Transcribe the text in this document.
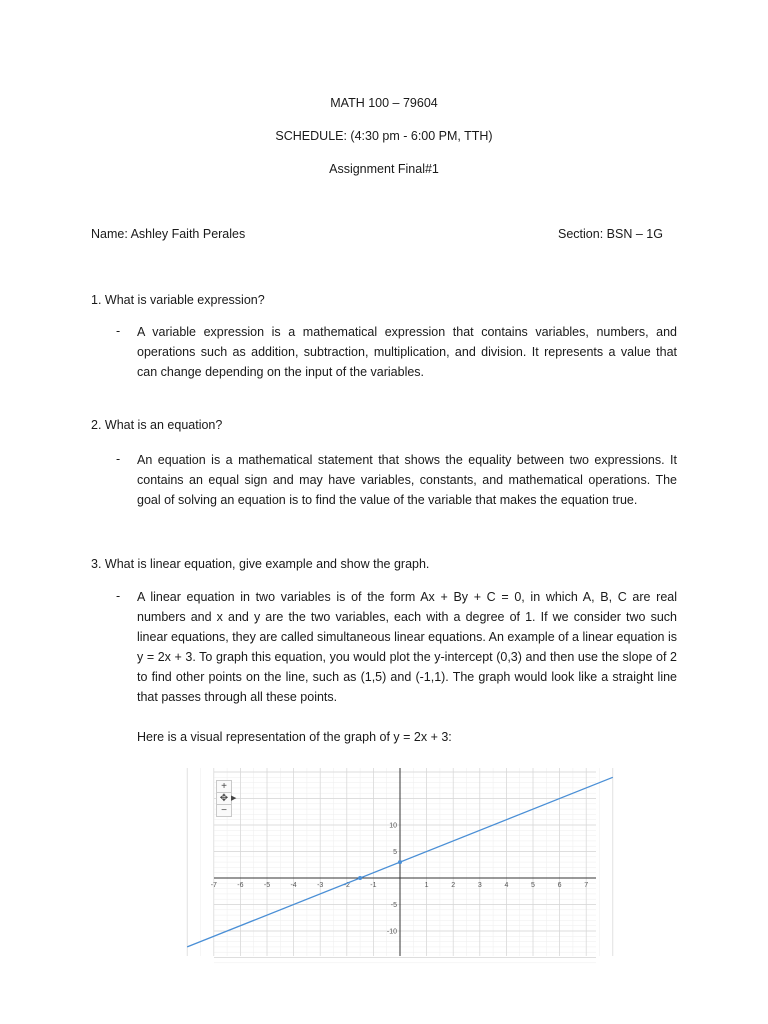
MATH 100 – 79604
SCHEDULE: (4:30 pm - 6:00 PM, TTH)
Assignment Final#1
Name: Ashley Faith Perales	Section: BSN – 1G
1. What is variable expression?
- A variable expression is a mathematical expression that contains variables, numbers, and operations such as addition, subtraction, multiplication, and division. It represents a value that can change depending on the input of the variables.
2. What is an equation?
- An equation is a mathematical statement that shows the equality between two expressions. It contains an equal sign and may have variables, constants, and mathematical operations. The goal of solving an equation is to find the value of the variable that makes the equation true.
3. What is linear equation, give example and show the graph.
- A linear equation in two variables is of the form Ax + By + C = 0, in which A, B, C are real numbers and x and y are the two variables, each with a degree of 1. If we consider two such linear equations, they are called simultaneous linear equations. An example of a linear equation is y = 2x + 3. To graph this equation, you would plot the y-intercept (0,3) and then use the slope of 2 to find other points on the line, such as (1,5) and (-1,1). The graph would look like a straight line that passes through all these points.
Here is a visual representation of the graph of y = 2x + 3:
-7	-6	-5	-4	-3	-2	-1	1	2	3	4	5	6	7
10
5
-5
-10
+
✥ ▶
−
